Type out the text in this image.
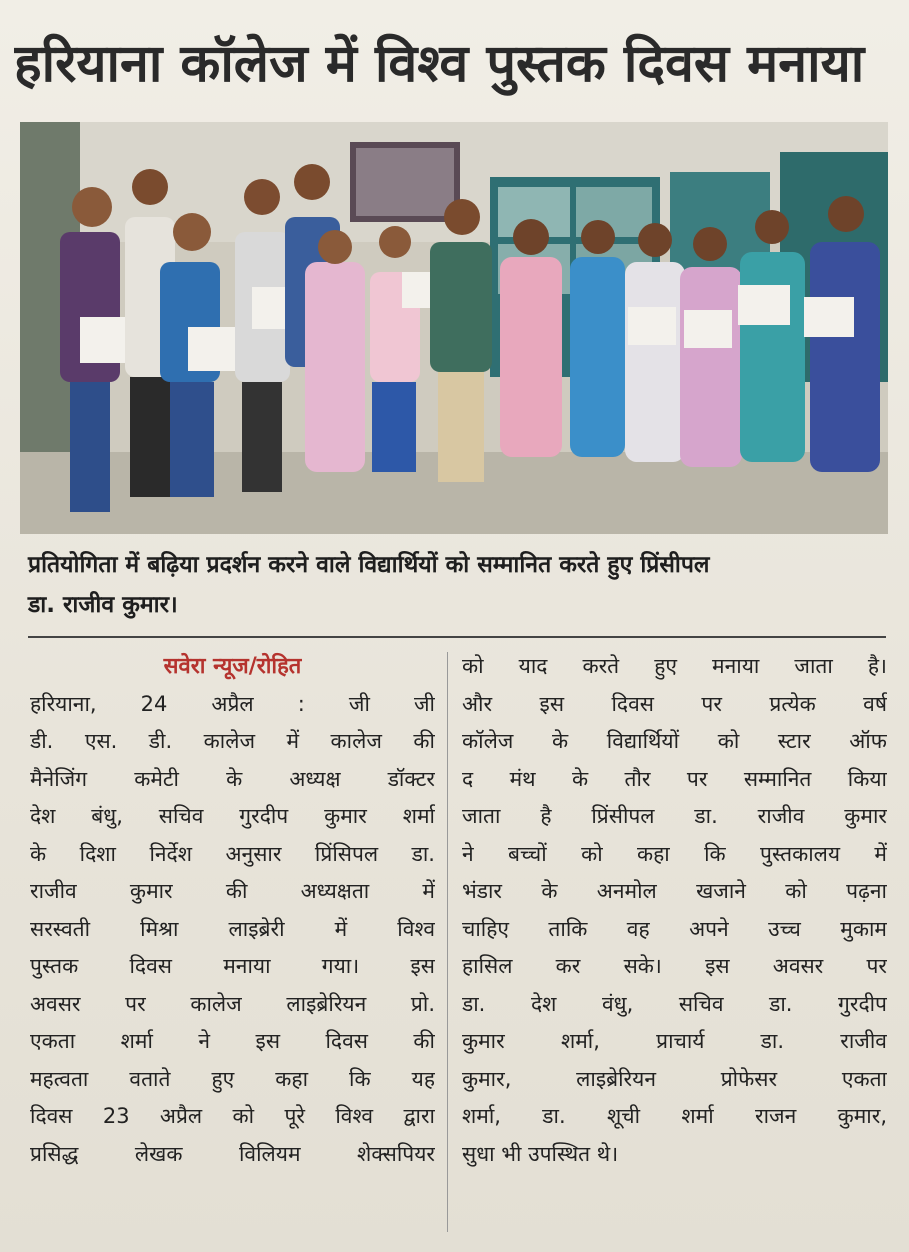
हरियाना कॉलेज में विश्व पुस्तक दिवस मनाया
प्रतियोगिता में बढ़िया प्रदर्शन करने वाले विद्यार्थियों को सम्मानित करते हुए प्रिंसीपल
डा. राजीव कुमार।
सवेरा न्यूज/रोहित
हरियाना, 24 अप्रैल : जी जी
डी. एस. डी. कालेज में कालेज की
मैनेजिंग कमेटी के अध्यक्ष डॉक्टर
देश बंधु, सचिव गुरदीप कुमार शर्मा
के दिशा निर्देश अनुसार प्रिंसिपल डा.
राजीव कुमार की अध्यक्षता में
सरस्वती मिश्रा लाइब्रेरी में विश्व
पुस्तक दिवस मनाया गया। इस
अवसर पर कालेज लाइब्रेरियन प्रो.
एकता शर्मा ने इस दिवस की
महत्वता वताते हुए कहा कि यह
दिवस 23 अप्रैल को पूरे विश्व द्वारा
प्रसिद्ध लेखक विलियम शेक्सपियर
को याद करते हुए मनाया जाता है।
और इस दिवस पर प्रत्येक वर्ष
कॉलेज के विद्यार्थियों को स्टार ऑफ
द मंथ के तौर पर सम्मानित किया
जाता है प्रिंसीपल डा. राजीव कुमार
ने बच्चों को कहा कि पुस्तकालय में
भंडार के अनमोल खजाने को पढ़ना
चाहिए ताकि वह अपने उच्च मुकाम
हासिल कर सके। इस अवसर पर
डा. देश वंधु, सचिव डा. गुरदीप
कुमार शर्मा, प्राचार्य डा. राजीव
कुमार, लाइब्रेरियन प्रोफेसर एकता
शर्मा, डा. शूची शर्मा राजन कुमार,
सुधा भी उपस्थित थे।
